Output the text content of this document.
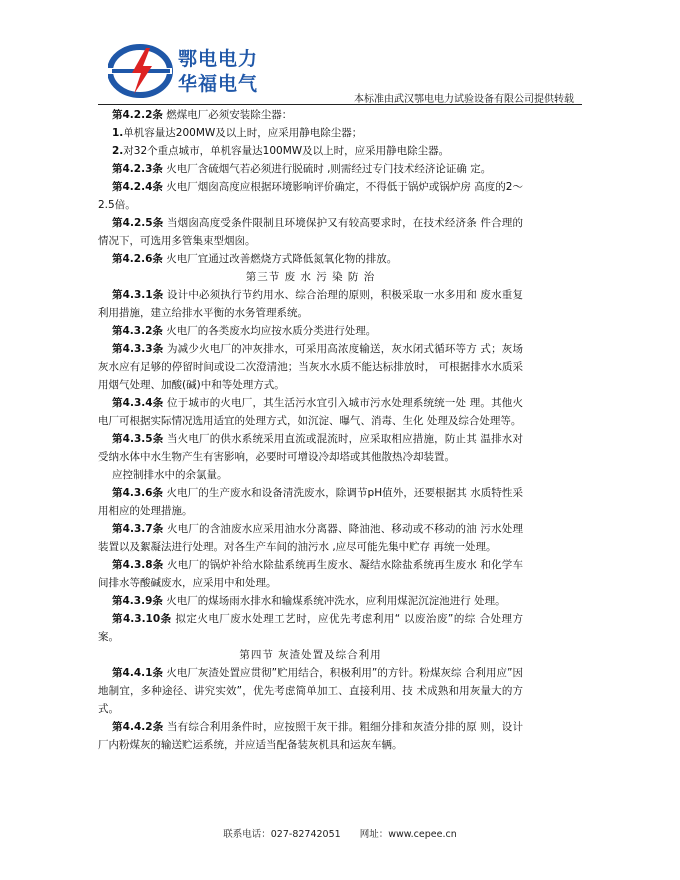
鄂电电力
华福电气
本标准由武汉鄂电电力试验设备有限公司提供转载

第4.2.2条 燃煤电厂必须安装除尘器：

1.单机容量达200MW及以上时，应采用静电除尘器；

2.对32个重点城市，单机容量达100MW及以上时，应采用静电除尘器。

第4.2.3条 火电厂含硫烟气若必须进行脱硫时 ,则需经过专门技术经济论证确 定。

第4.2.4条 火电厂烟囱高度应根据环境影响评价确定，不得低于锅炉或锅炉房 高度的2～2.5倍。

第4.2.5条 当烟囱高度受条件限制且环境保护又有较高要求时，在技术经济条 件合理的情况下，可选用多管集束型烟囱。

第4.2.6条 火电厂宜通过改善燃烧方式降低氮氧化物的排放。

第三节 废 水 污 染 防 治

第4.3.1条 设计中必须执行节约用水、综合治理的原则，积极采取一水多用和 废水重复利用措施，建立给排水平衡的水务管理系统。

第4.3.2条 火电厂的各类废水均应按水质分类进行处理。

第4.3.3条 为减少火电厂的冲灰排水，可采用高浓度输送，灰水闭式循环等方 式；灰场灰水应有足够的停留时间或设二次澄清池；当灰水水质不能达标排放时， 可根据排水水质采用烟气处理、加酸(碱)中和等处理方式。

第4.3.4条 位于城市的火电厂，其生活污水宜引入城市污水处理系统统一处 理。其他火电厂可根据实际情况选用适宜的处理方式，如沉淀、曝气、消毒、生化 处理及综合处理等。

第4.3.5条 当火电厂的供水系统采用直流或混流时，应采取相应措施，防止其 温排水对受纳水体中水生物产生有害影响，必要时可增设冷却塔或其他散热冷却装置。

应控制排水中的余氯量。

第4.3.6条 火电厂的生产废水和设备清洗废水，除调节pH值外，还要根据其 水质特性采用相应的处理措施。

第4.3.7条 火电厂的含油废水应采用油水分离器、降油池、移动或不移动的油 污水处理装置以及絮凝法进行处理。对各生产车间的油污水 ,应尽可能先集中贮存 再统一处理。

第4.3.8条 火电厂的锅炉补给水除盐系统再生废水、凝结水除盐系统再生废水 和化学车间排水等酸碱废水，应采用中和处理。

第4.3.9条 火电厂的煤场雨水排水和输煤系统冲洗水，应利用煤泥沉淀池进行 处理。

第4.3.10条 拟定火电厂废水处理工艺时，应优先考虑利用“ 以废治废”的综 合处理方案。

第四节 灰渣处置及综合利用

第4.4.1条 火电厂灰渣处置应贯彻”贮用结合，积极利用”的方针。粉煤灰综 合利用应”因地制宜，多种途径、讲究实效”，优先考虑简单加工、直接利用、技 术成熟和用灰量大的方式。

第4.4.2条 当有综合利用条件时，应按照干灰干排。粗细分排和灰渣分排的原 则，设计厂内粉煤灰的输送贮运系统，并应适当配备装灰机具和运灰车辆。

联系电话：027-82742051 网址：www.cepee.cn
